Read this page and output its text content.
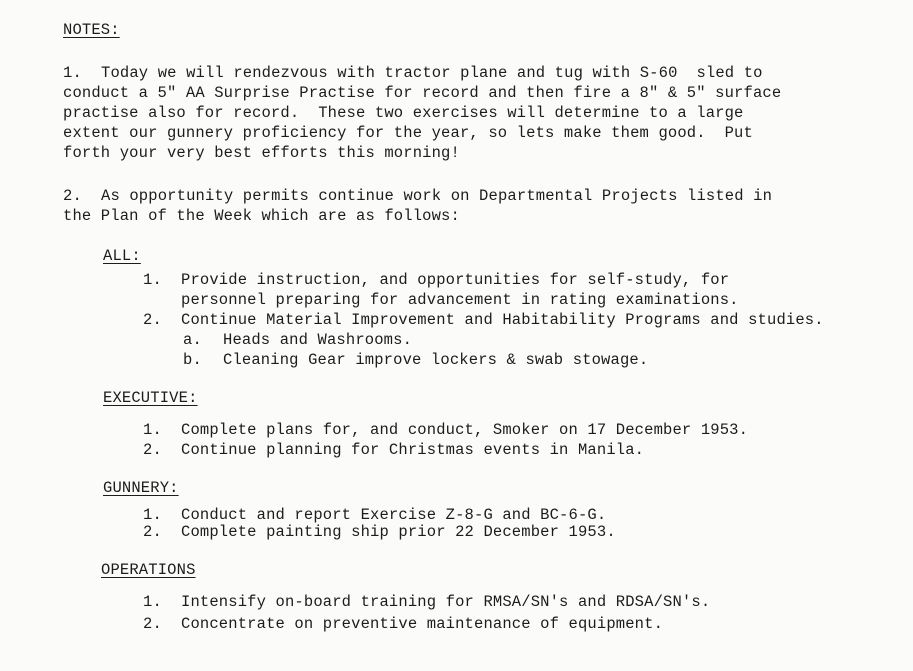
NOTES:
1. Today we will rendezvous with tractor plane and tug with S-60  sled to
conduct a 5" AA Surprise Practise for record and then fire a 8" & 5" surface
practise also for record.  These two exercises will determine to a large
extent our gunnery proficiency for the year, so lets make them good.  Put
forth your very best efforts this morning!
2. As opportunity permits continue work on Departmental Projects listed in
the Plan of the Week which are as follows:
ALL:
1. Provide instruction, and opportunities for self-study, for
personnel preparing for advancement in rating examinations.
2. Continue Material Improvement and Habitability Programs and studies.
a. Heads and Washrooms.
b. Cleaning Gear improve lockers & swab stowage.
EXECUTIVE:
1. Complete plans for, and conduct, Smoker on 17 December 1953.
2. Continue planning for Christmas events in Manila.
GUNNERY:
1. Conduct and report Exercise Z-8-G and BC-6-G.
2. Complete painting ship prior 22 December 1953.
OPERATIONS
1. Intensify on-board training for RMSA/SN's and RDSA/SN's.
2. Concentrate on preventive maintenance of equipment.
